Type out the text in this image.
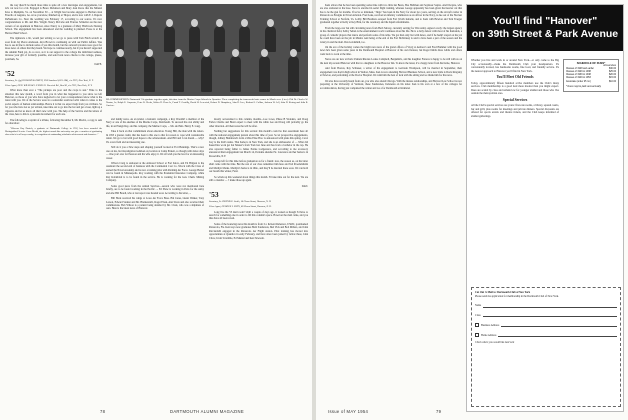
the way there'll be much more time to spite off a few marriages and engagements, but let's cut now for a bit. Engaged is Bruce Dickinson and Mary Jean Rowe that the Minstal have to Memphis, Va. on November 30 ... at Wright has become engaged to Barbara Jean Fruecho of Augusta, Ga. At as you know, finished up at Thayer, and is now with E. I. Dupont DeNemours Co. Near the wedding was February 17, according to our source. It's now congratulations to Mr. and Mrs. Wright. Nancy McCabe and Frances Schneller are the new owners of an apartment in Hanover, since Nancy is a graduate of Mary Hitchcock Nursing School. The engagement has been announced and the wedding is planned. Fosse is at the Harvard Med School.

The rigmarole a bit, would just writing so we go to press with Tom Finch scratch as soon from Jay Pierce Andresen. Alva Brown is continuing on with our Public Affairs. Was has to see in line to include some of you this month, but the outward travelers were good for more news of others that they heard. We hope to continue nearly, but if you haven't supported the Alumni Fund yet, do so now, as it is our support to the college the individual sadness, increase your gift of formally possible, and send back news checks to the college, please, postmark, Sa.

DAVE.

'52

Secretary, Lt. (jg) HOWARD B. ERICH, USS Sandoval (APA-194), c/o FPO, New York, N. Y.

Class Agent, GEN. WILLIAM J. LYONS 31 Norwich Rd., Box 96, c/o FPO, New York, N. Y.

What more than ever a "The pickups are poor and the crops is sun." Time to the situation this new month, a word from you in what has happened to you since we left Hanover, so those of you who have neglected to let your correspondence know what is the latest with you. We of the Service were in a somewhat restricted orbit when it comes to the social aspects of human relationships. Hence it is that we expect help from you civilians. So for you who have not as yet written, take time out to go into the bar and get a beer, light up a cigarette and let us know all that's new with you. The help of the Service and the letters of the class, here to this is a pleasant movement for each one.

The following is a reprint of a tribute, following December 9, Mr. Mack's, a copy, is sent for education:

"Whereas Ray Daniels, a graduate of Dartmouth College in 1952, has been awarded the Distinguished Service Cross Medal, the highest award this university can give a member of graduating class who is in all ways worthy, in recognition of outstanding scholastic achievement and character..."

RE-COMMISSIONED: Dartmouth '53s graduate together again, this time from the Marine Corps Schools in Quantico. These completing the framework basic course in March were (l to r): Did Dr. Charles W. Norton, Jr.; Ralph E. Carpenter, Peter B. Hecks, Walter H. Dean Jr., Frank T. Gentilly, David W. Lerewick, Robert D. Humphrey, Alan H. Ives, Richard J. Collins, Jackson W. Jell, John D. Koring and Julia B. Carriere.

and family news. As an island, a fantastic campaign, a Ray Wouldn't a member of the Navy or one of the enemies of the Marine Corps, Dartmouth. To succeed his own ability and life, in an Ensign Ray, and his company, the Marine Corps, ... Mr. and Mrs. Henry E. Lang.

Take it back on that commitment about education. Young Hill, the man with the letters. In 1953 a greater credit, that has been to this one to that for reason to cope with considerable talent. We go to bat with good hopes to the advancement. And Hill and I can dream — why? It's a new field and an interesting one.

Still do it you a New steps and shaping yourself located at Fort Bennings. That's a new one on me, but investigation Gehrken on location at Camp Pickett, so though with dance days — One you! ever for Pearson and his wife enjoy it. We all wish you the best for an interesting career.

Wilson Craig is stationed at the Armored School at Fort Knox, and Ed Hilgren is the Assistant the second end of business with the Continental Cost Co. Wreck with the Class of earned the Naval Academy and is now a training pilot with Pershing Air Force. George Hetzel can be found in Minneapolis. Roy working with the Prudential Insurance Company, while Ray Kobleblatt is to be found in the service. He is working for the Gen. Chem. Mining Company.

Some good news from the Armed Services—several who were not mentioned here briefly, are to be found working in the Pacific. ... Ed Shaw is working in Paris for the Army and Abe Bill Boudl, who at last report was headed west. According to his letter, ...

Bill Heck received his wings at Lowe Air Force Base. Hal Jones, Glenn Walker, Tony Larson, Edward Steiner and Mr. Hiemenzich, Roger Elsen, Ann Sloan and also received their commissions. Bob Wilson is a patient being detailed by Mr. Clark, who was a shipmate of ours. Here is the latest news of Hanover.

mostly accustomed to this column, months—Lee Lowe, Phase B Wonders, and Doug Farlex Charlie and Brent expect to meet with the while Lee and Doug will probably go the other direction. All then notes the will be after.

Nothing but suggestions for this section: this month's could be that assortment here all with the national engagement pattern about this time of year. So let prospective engagements, though, Johnny Hammond's form a Miss Elsie Broc is announced with plans this spring. Carol Jory is the bird's name. That home is in New York, and she is an ambassador of — What did Keesvilles work get but Master's from York last June and has from a bachelor in the top. He also reported being father to James Pointe Lodgerance, and according to me accessory announced their engagement last March 14, Porlekia attended St. Lawrence and her home is in Rooseville, N.Y.

Group left for this time before graduation as for a friend: now, the reason as, on the latter shall come with the time. But the rest of our class remember him here and Ted Proedelshalm and Marilyn Marks. Marilyn's home is in Ohio, and they'll be married there soon. We can hold our breath this winter, Fatal.

So winds up this weekend about things this month. I'll take time out for the next. We are still a calendar — 't make those up again.

DAN.

'53

Secretary, Lt. DENNIS E. Smith, 14 Chase Street, Hanover, N. H.

Class Agent, GEORGE I. LIVIN, 60 Chase Street, Hanover, N. H.

Long live the '53 mail room! Until a couple of days ago, it looked as though I'd have to search for something else in order to fill this column's space. However the mail came, and you thus have all been saved.

Some of the bouncing news this month is from: Lt. & Kent Rabenow, USMC, postmarked Pensacola, Fla. Kent says new graduates Herb Sanderson, Mel Vick and Bob Millers, and John Ricciardelli engaged in the Pensacola Air Flight station. Pilot training has moved into opportunities at Quantico in early February, and have since been joined by fellow three, John Chow, Irwin Scramble, Ed Maniel and Ken Newsom.

78	DARTMOUTH ALUMNI MAGAZINE

Kent allows that he has been spending some time with two little Ian Bears, Bea Hallman and Seymour Sapire. And Dwayne, who are also stationed at the base. Steve is enrolled in aerial flight training, whereas George apparently has been given the heavier cut that has to be the gun for months. If we're so mistaken, "Jingo" has been in the Navy for about two years, serving on the aircraft carrier in Pensacola as Ensigns in Naval Aviation. Fred Lake, received an infantry commission as an officer in the Navy, is due out of the Nuclear Training School at Norfolk, Va. Lobby Bill Heathers escaped from Fort Worth Isabelle, and to Kent with Hewton and Tom Traeger graduated together at Kelly at Key Birk, for the ceremony and the liquid refreshments.

From the long-over but still circulating news from Herb Salway, currently serving for Wax Army. Agnes Lovely: the largest agency in the chemical field, Sebby Sehan is the entertainment world continues about his life. He is a daily dancer with most of his husbands, a group of comedic players that dance and perform some of his table. We got then only but with dance, and if he hadn't stayed on the job he could have been on the job in Miami. And being at the end of the Fort McKinney is said to have been a part of the season and the lottery in and the mail. Dan Goldsmith, too.

On the eve of the holiday comes the bright new news of the grand offices of Vit-Q at Andrew's and Fred Hammer with the good news he's been given some years in the Dartmouth Hospital at Hanover of his own flatterer, but Roger Dubbs Ross Gibbs and others went back to work at the time.

News are our new arrivals: Pamela Rhodes Louise Campbell, Benjamin's, and his daughter Frances is happy to be still with us on the next trip around Hanover with his two daughters to the Hanover Inn. To know the latest, it's a happy letter from his home, Hanover.

And from Boston, Ray Schrauer, a writer of his engagement to Gertrude Thompson, will be married in September, their engagement was had in high school in Walton, Mass. Ken is now attending Harvard Business School, and a new bride is Doris Kingsley at Newton, and performing at the Doctor Hospital. We wish him the best of luck with the sitting and we thank him for his news.

We also have recently heard from our, you who also attend Chicago. With the mature relationships, and Harvard Law School is now preparing at the University of Vermont, these Sandstones, Indonesia on his letter. Ken is his own at a few of the colleges for accommodation, having just completed the winter and we a for Dartmouth at Kirkland.

Issue of MAY 1954	79
You'll find "Hanover"
on 39th Street & Park Avenue

Whether you live and work in or around New York—or only come to the Big City occasionally—make the Dartmouth Club your headquarters. It's conveniently located, has handsome rooms, fine food, and friendly service. It's the nearest approach to Hanover you'll find in New York.

You'll Meet Old Friends

Today, approximately fifteen hundred active members use the Club's many services. Club membership is a good deal more modest than you might expect. Dues are scaled by class and remain low for younger alumni and those who live outside the metropolitan area.

Special Services

All the Club's special services are yours: first-rate rooms, a library, squash courts, bar and grill, plus rooms for meetings and private dinners. Special discounts are offered for sports events and theatre tickets, and the Club keeps informed of alumni gatherings.

SCHEDULE OF DUES*
Annual dues
Classes of 1928 and earlier	$30.00
Classes of 1929 to 1938	$25.00
Classes of 1939 to 1948	$20.00
Classes of 1949 to 1953	$15.00
Associate (under 25 mi.)	$10.00
* Dues may be paid semi-annually
Cut Out 'n Mail to: Dartmouth Club of New York
Please send me application for membership in the Dartmouth Club of New York.
Name
Class
Business Address
Home Address
Check where you would like mail sent
